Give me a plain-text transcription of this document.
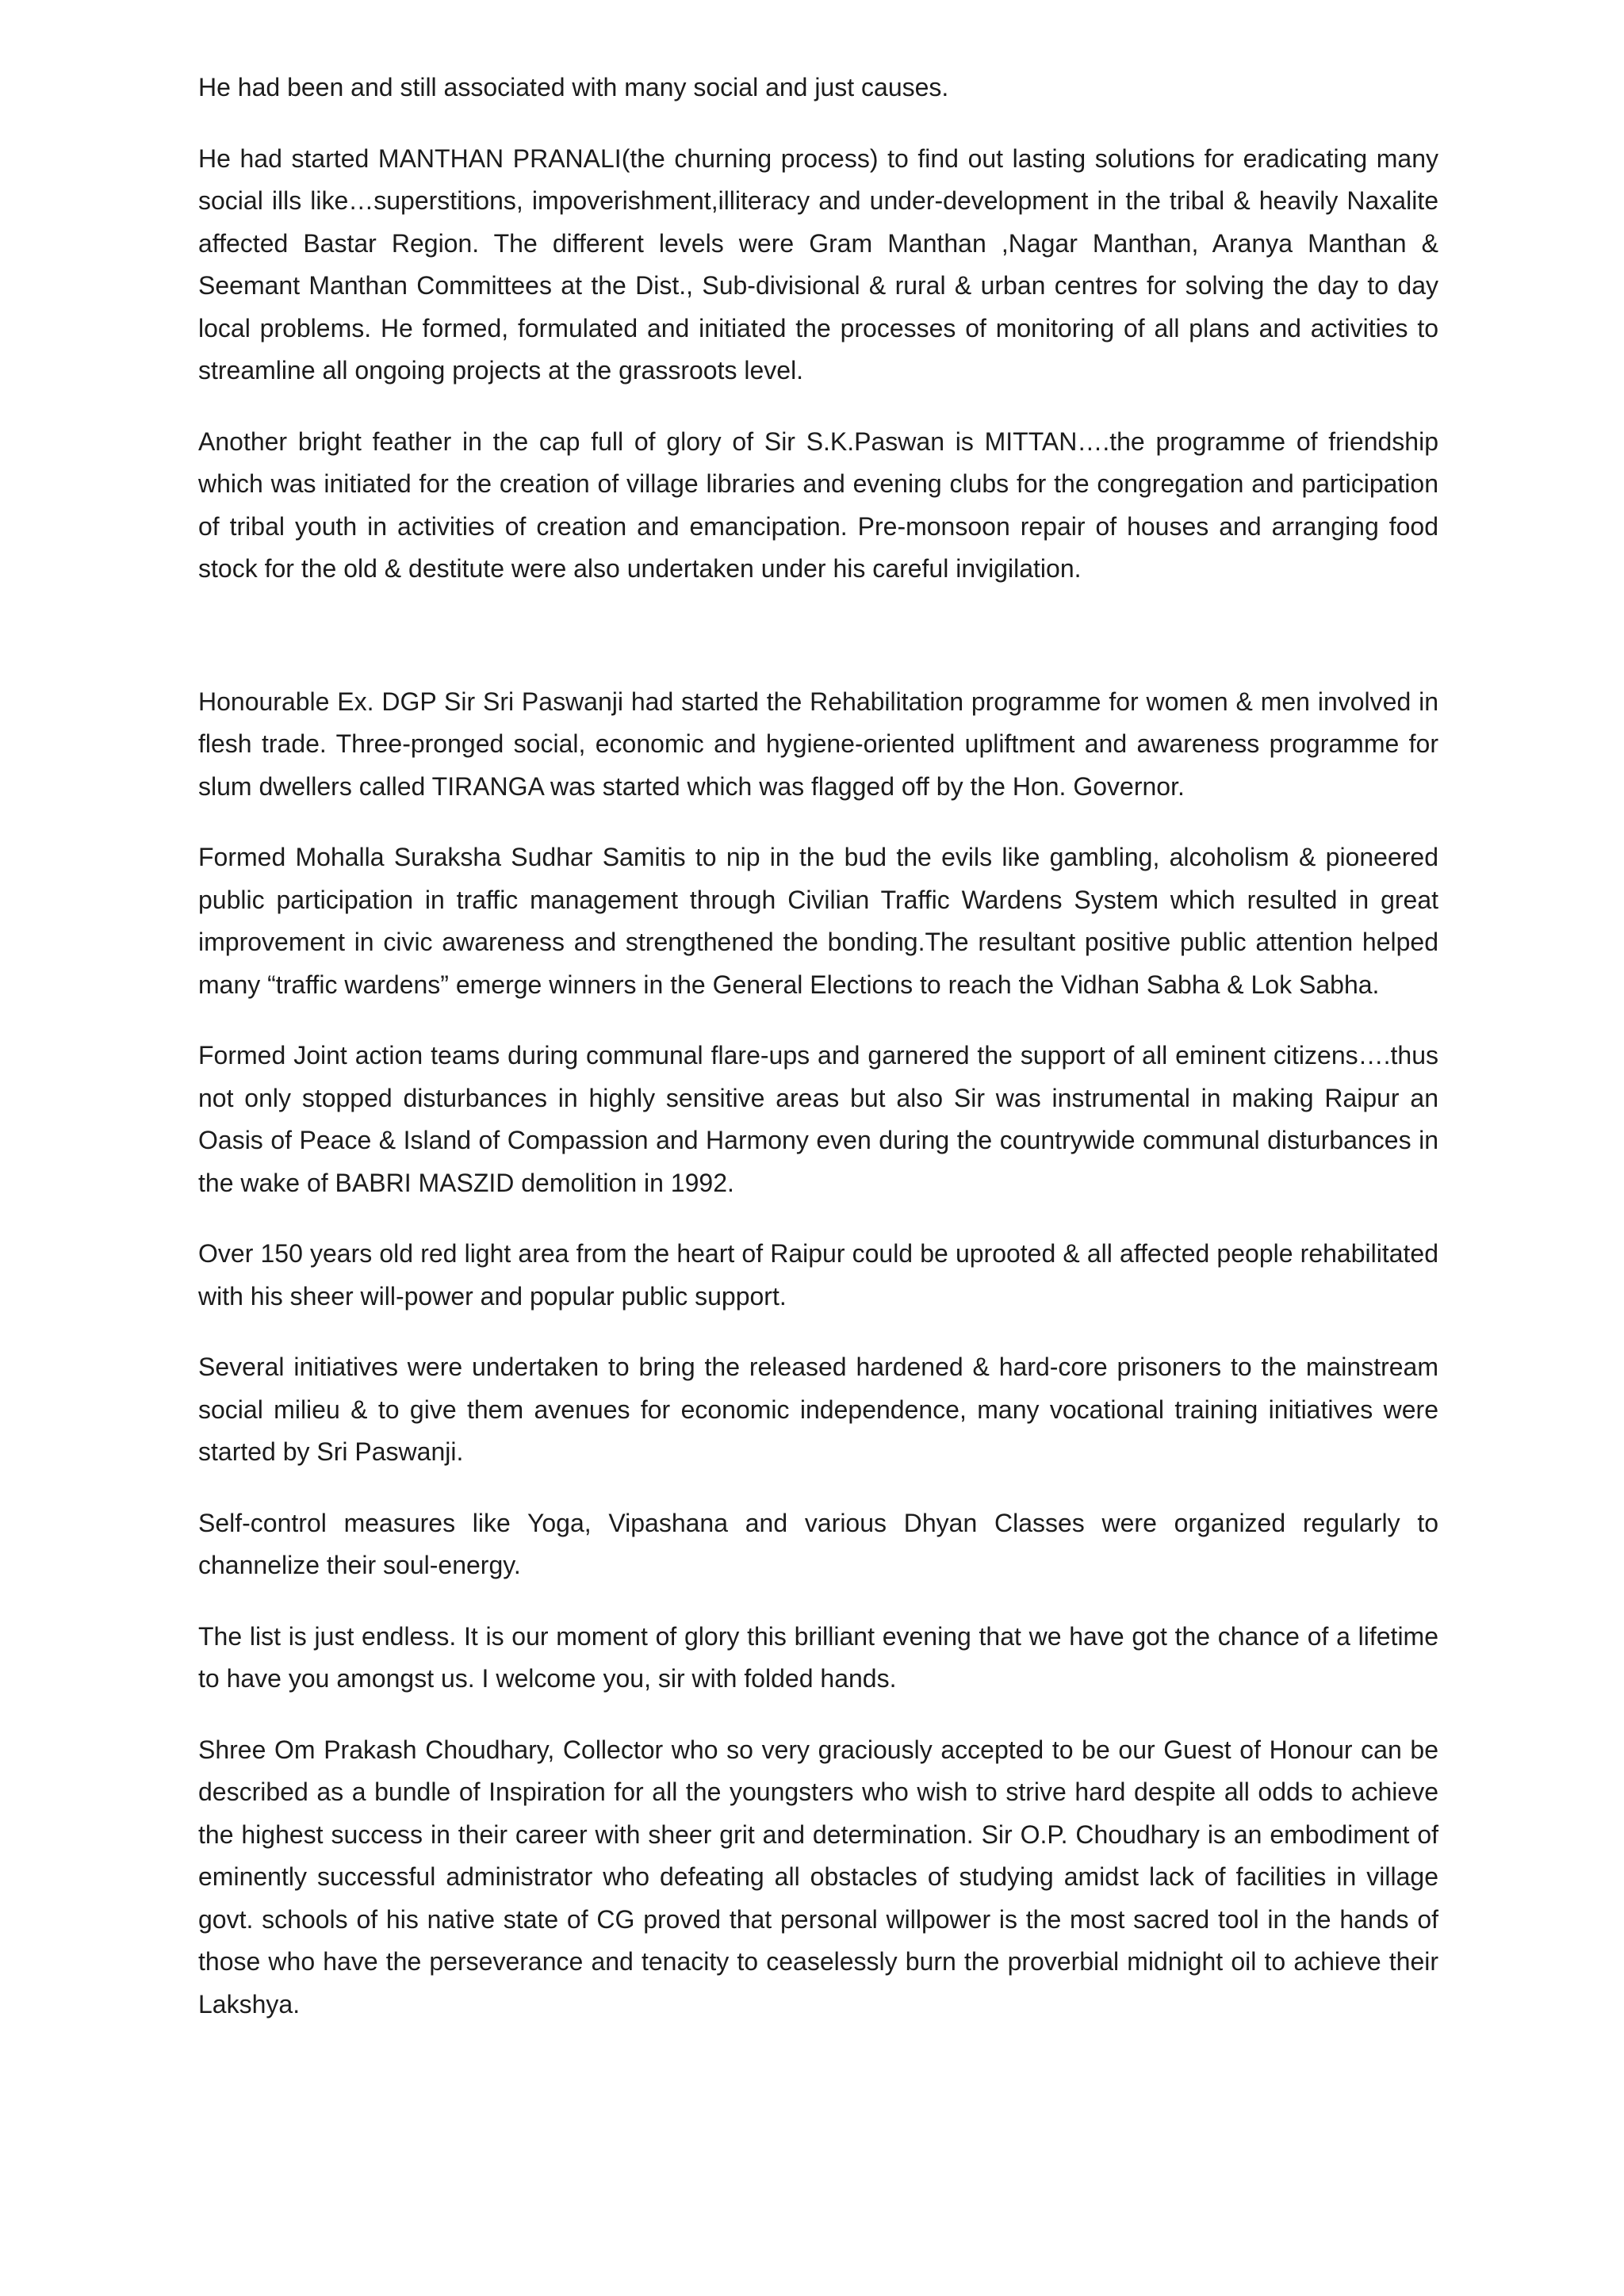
He had been and still associated with many social and just causes.

He had started MANTHAN PRANALI(the churning process) to find out lasting solutions for eradicating many social ills like…superstitions, impoverishment,illiteracy and under-development in the tribal & heavily Naxalite affected Bastar Region. The different levels were Gram Manthan ,Nagar Manthan, Aranya Manthan & Seemant Manthan Committees at the Dist., Sub-divisional & rural & urban centres for solving the day to day local problems. He formed, formulated and initiated the processes of monitoring of all plans and activities to streamline all ongoing projects at the grassroots level.

Another bright feather in the cap full of glory of Sir S.K.Paswan is MITTAN….the programme of friendship which was initiated for the creation of village libraries and evening clubs for the congregation and participation of tribal youth in activities of creation and emancipation. Pre-monsoon repair of houses and arranging food stock for the old & destitute were also undertaken under his careful invigilation.

Honourable Ex. DGP Sir Sri Paswanji had started the Rehabilitation programme for women & men involved in flesh trade. Three-pronged social, economic and hygiene-oriented upliftment and awareness programme for slum dwellers called TIRANGA was started which was flagged off by the Hon. Governor.

Formed Mohalla Suraksha Sudhar Samitis to nip in the bud the evils like gambling, alcoholism & pioneered public participation in traffic management through Civilian Traffic Wardens System which resulted in great improvement in civic awareness and strengthened the bonding.The resultant positive public attention helped many “traffic wardens” emerge winners in the General Elections to reach the Vidhan Sabha & Lok Sabha.

Formed Joint action teams during communal flare-ups and garnered the support of all eminent citizens….thus not only stopped disturbances in highly sensitive areas but also Sir was instrumental in making Raipur an Oasis of Peace & Island of Compassion and Harmony even during the countrywide communal disturbances in the wake of BABRI MASZID demolition in 1992.

Over 150 years old red light area from the heart of Raipur could be uprooted & all affected people rehabilitated with his sheer will-power and popular public support.

Several initiatives were undertaken to bring the released hardened & hard-core prisoners to the mainstream social milieu & to give them avenues for economic independence, many vocational training initiatives were started by Sri Paswanji.

Self-control measures like Yoga, Vipashana and various Dhyan Classes were organized regularly to channelize their soul-energy.

The list is just endless. It is our moment of glory this brilliant evening that we have got the chance of a lifetime to have you amongst us. I welcome you, sir with folded hands.

Shree Om Prakash Choudhary, Collector who so very graciously accepted to be our Guest of Honour can be described as a bundle of Inspiration for all the youngsters who wish to strive hard despite all odds to achieve the highest success in their career with sheer grit and determination. Sir O.P. Choudhary is an embodiment of eminently successful administrator who defeating all obstacles of studying amidst lack of facilities in village govt. schools of his native state of CG proved that personal willpower is the most sacred tool in the hands of those who have the perseverance and tenacity to ceaselessly burn the proverbial midnight oil to achieve their Lakshya.
